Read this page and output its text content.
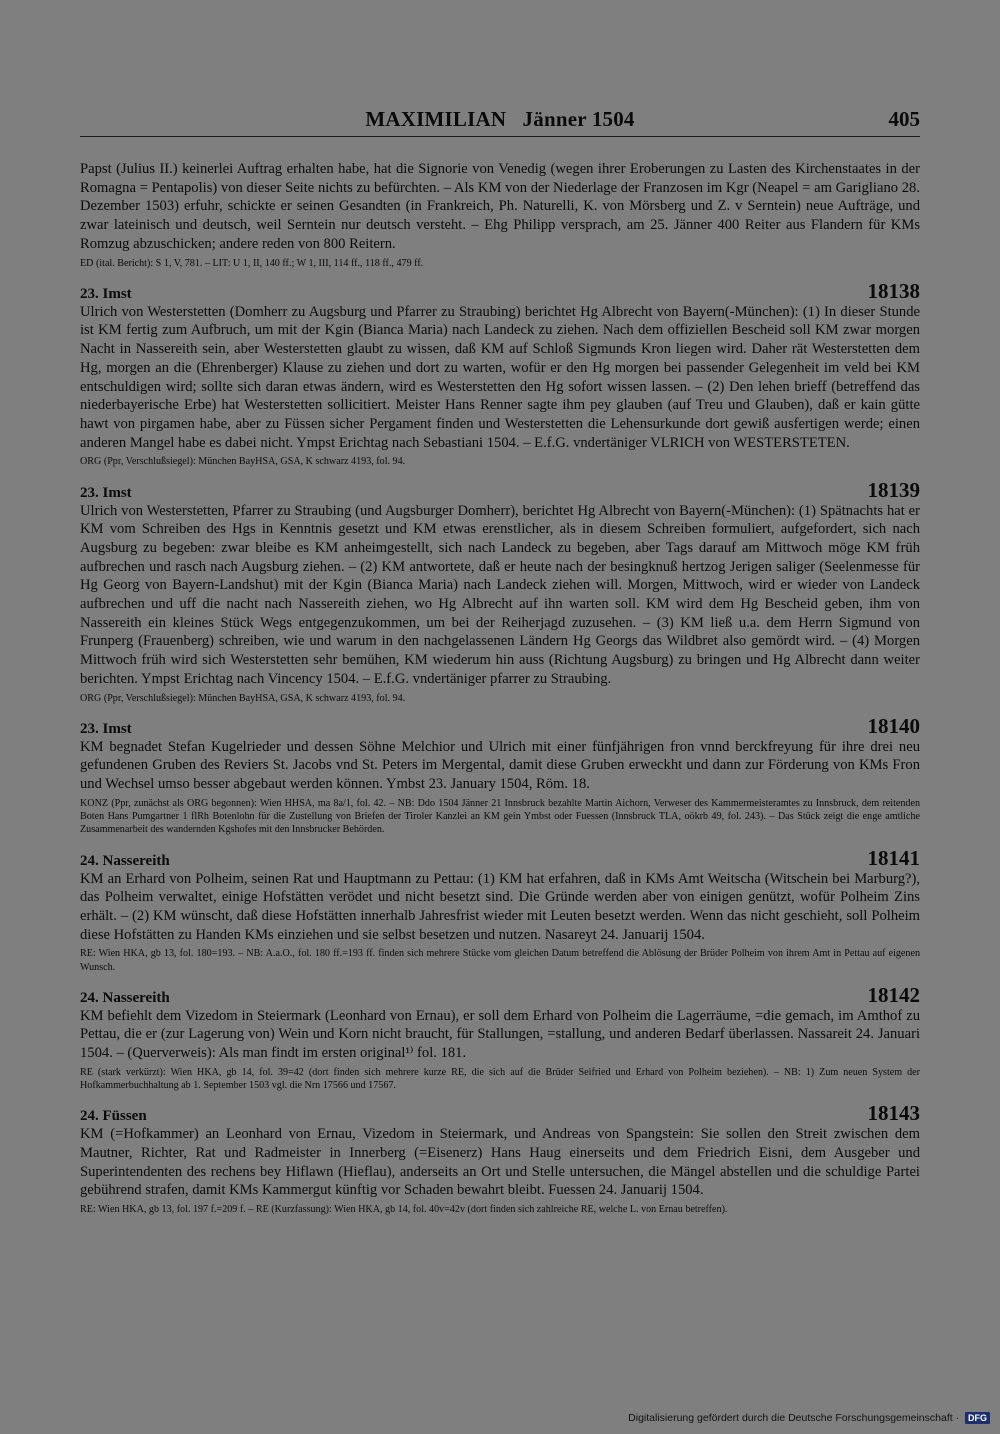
MAXIMILIAN   Jänner 1504	405
Papst (Julius II.) keinerlei Auftrag erhalten habe, hat die Signorie von Venedig (wegen ihrer Eroberungen zu Lasten des Kirchenstaates in der Romagna = Pentapolis) von dieser Seite nichts zu befürchten. – Als KM von der Niederlage der Franzosen im Kgr (Neapel = am Garigliano 28. Dezember 1503) erfuhr, schickte er seinen Gesandten (in Frankreich, Ph. Naturelli, K. von Mörsberg und Z. v Serntein) neue Aufträge, und zwar lateinisch und deutsch, weil Serntein nur deutsch versteht. – Ehg Philipp versprach, am 25. Jänner 400 Reiter aus Flandern für KMs Romzug abzuschicken; andere reden von 800 Reitern.
ED (ital. Bericht): S 1, V, 781. – LIT: U 1, II, 140 ff.; W 1, III, 114 ff., 118 ff., 479 ff.
23. Imst	18138
Ulrich von Westerstetten (Domherr zu Augsburg und Pfarrer zu Straubing) berichtet Hg Albrecht von Bayern(-München): (1) In dieser Stunde ist KM fertig zum Aufbruch, um mit der Kgin (Bianca Maria) nach Landeck zu ziehen. Nach dem offiziellen Bescheid soll KM zwar morgen Nacht in Nassereith sein, aber Westerstetten glaubt zu wissen, daß KM auf Schloß Sigmunds Kron liegen wird. Daher rät Westerstetten dem Hg, morgen an die (Ehrenberger) Klause zu ziehen und dort zu warten, wofür er den Hg morgen bei passender Gelegenheit im veld bei KM entschuldigen wird; sollte sich daran etwas ändern, wird es Westerstetten den Hg sofort wissen lassen. – (2) Den lehen brieff (betreffend das niederbayerische Erbe) hat Westerstetten sollicitiert. Meister Hans Renner sagte ihm pey glauben (auf Treu und Glauben), daß er kain gütte hawt von pirgamen habe, aber zu Füssen sicher Pergament finden und Westerstetten die Lehensurkunde dort gewiß ausfertigen werde; einen anderen Mangel habe es dabei nicht. Ympst Erichtag nach Sebastiani 1504. – E.f.G. vndertäniger VLRICH von WESTERSTETEN.
ORG (Ppr, Verschlußsiegel): München BayHSA, GSA, K schwarz 4193, fol. 94.
23. Imst	18139
Ulrich von Westerstetten, Pfarrer zu Straubing (und Augsburger Domherr), berichtet Hg Albrecht von Bayern(-München): (1) Spätnachts hat er KM vom Schreiben des Hgs in Kenntnis gesetzt und KM etwas erenstlicher, als in diesem Schreiben formuliert, aufgefordert, sich nach Augsburg zu begeben: zwar bleibe es KM anheimgestellt, sich nach Landeck zu begeben, aber Tags darauf am Mittwoch möge KM früh aufbrechen und rasch nach Augsburg ziehen. – (2) KM antwortete, daß er heute nach der besingknuß hertzog Jerigen saliger (Seelenmesse für Hg Georg von Bayern-Landshut) mit der Kgin (Bianca Maria) nach Landeck ziehen will. Morgen, Mittwoch, wird er wieder von Landeck aufbrechen und uff die nacht nach Nassereith ziehen, wo Hg Albrecht auf ihn warten soll. KM wird dem Hg Bescheid geben, ihm von Nassereith ein kleines Stück Wegs entgegenzukommen, um bei der Reiherjagd zuzusehen. – (3) KM ließ u.a. dem Herrn Sigmund von Frunperg (Frauenberg) schreiben, wie und warum in den nachgelassenen Ländern Hg Georgs das Wildbret also gemördt wird. – (4) Morgen Mittwoch früh wird sich Westerstetten sehr bemühen, KM wiederum hin auss (Richtung Augsburg) zu bringen und Hg Albrecht dann weiter berichten. Ympst Erichtag nach Vincency 1504. – E.f.G. vndertäniger pfarrer zu Straubing.
ORG (Ppr, Verschlußsiegel): München BayHSA, GSA, K schwarz 4193, fol. 94.
23. Imst	18140
KM begnadet Stefan Kugelrieder und dessen Söhne Melchior und Ulrich mit einer fünfjährigen fron vnnd berckfreyung für ihre drei neu gefundenen Gruben des Reviers St. Jacobs vnd St. Peters im Mergental, damit diese Gruben erweckht und dann zur Förderung von KMs Fron und Wechsel umso besser abgebaut werden können. Ymbst 23. January 1504, Röm. 18.
KONZ (Ppr, zunächst als ORG begonnen): Wien HHSA, ma 8a/1, fol. 42. – NB: Ddo 1504 Jänner 21 Innsbruck bezahlte Martin Aichorn, Verweser des Kammermeisteramtes zu Innsbruck, dem reitenden Boten Hans Pumgartner 1 flRh Botenlohn für die Zustellung von Briefen der Tiroler Kanzlei an KM gein Ymbst oder Fuessen (Innsbruck TLA, oökrb 49, fol. 243). – Das Stück zeigt die enge amtliche Zusammenarbeit des wandernden Kgshofes mit den Innsbrucker Behörden.
24. Nassereith	18141
KM an Erhard von Polheim, seinen Rat und Hauptmann zu Pettau: (1) KM hat erfahren, daß in KMs Amt Weitscha (Witschein bei Marburg?), das Polheim verwaltet, einige Hofstätten verödet und nicht besetzt sind. Die Gründe werden aber von einigen genützt, wofür Polheim Zins erhält. – (2) KM wünscht, daß diese Hofstätten innerhalb Jahresfrist wieder mit Leuten besetzt werden. Wenn das nicht geschieht, soll Polheim diese Hofstätten zu Handen KMs einziehen und sie selbst besetzen und nutzen. Nasareyt 24. Januarij 1504.
RE: Wien HKA, gb 13, fol. 180=193. – NB: A.a.O., fol. 180 ff.=193 ff. finden sich mehrere Stücke vom gleichen Datum betreffend die Ablösung der Brüder Polheim von ihrem Amt in Pettau auf eigenen Wunsch.
24. Nassereith	18142
KM befiehlt dem Vizedom in Steiermark (Leonhard von Ernau), er soll dem Erhard von Polheim die Lagerräume, =die gemach, im Amthof zu Pettau, die er (zur Lagerung von) Wein und Korn nicht braucht, für Stallungen, =stallung, und anderen Bedarf überlassen. Nassareit 24. Januari 1504. – (Querverweis): Als man findt im ersten original¹⁾ fol. 181.
RE (stark verkürzt): Wien HKA, gb 14, fol. 39=42 (dort finden sich mehrere kurze RE, die sich auf die Brüder Seifried und Erhard von Polheim beziehen). – NB: 1) Zum neuen System der Hofkammerbuchhaltung ab 1. September 1503 vgl. die Nrn 17566 und 17567.
24. Füssen	18143
KM (=Hofkammer) an Leonhard von Ernau, Vizedom in Steiermark, und Andreas von Spangstein: Sie sollen den Streit zwischen dem Mautner, Richter, Rat und Radmeister in Innerberg (=Eisenerz) Hans Haug einerseits und dem Friedrich Eisni, dem Ausgeber und Superintendenten des rechens bey Hiflawn (Hieflau), anderseits an Ort und Stelle untersuchen, die Mängel abstellen und die schuldige Partei gebührend strafen, damit KMs Kammergut künftig vor Schaden bewahrt bleibt. Fuessen 24. Januarij 1504.
RE: Wien HKA, gb 13, fol. 197 f.=209 f. – RE (Kurzfassung): Wien HKA, gb 14, fol. 40v=42v (dort finden sich zahlreiche RE, welche L. von Ernau betreffen).
Digitalisierung gefördert durch die Deutsche Forschungsgemeinschaft · DFG
